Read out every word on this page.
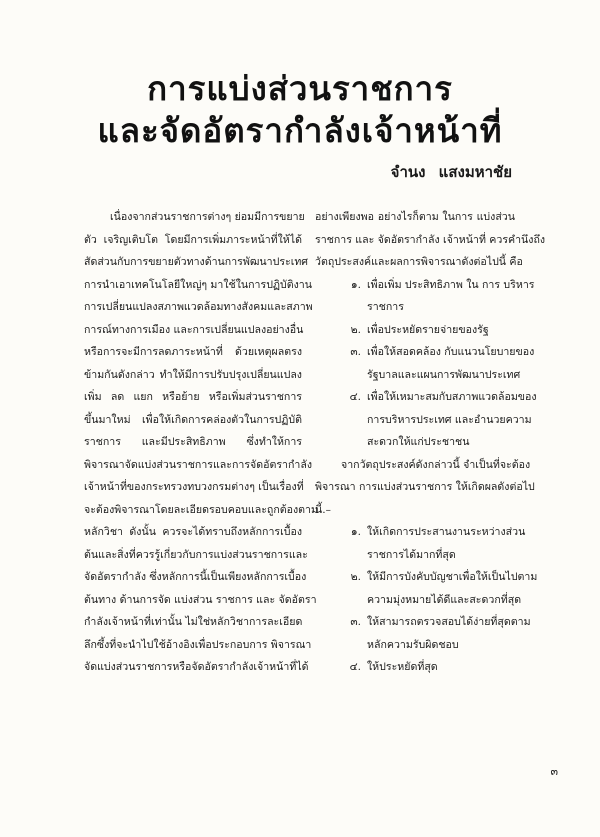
การแบ่งส่วนราชการ
และจัดอัตรากำลังเจ้าหน้าที่
จำนง แสงมหาชัย
เนื่องจากส่วนราชการต่างๆ ย่อมมีการขยาย
ตัว เจริญเติบโต โดยมีการเพิ่มภาระหน้าที่ให้ได้
สัดส่วนกับการขยายตัวทางด้านการพัฒนาประเทศ
การนำเอาเทคโนโลยีใหญ่ๆ มาใช้ในการปฏิบัติงาน
การเปลี่ยนแปลงสภาพแวดล้อมทางสังคมและสภาพ
การณ์ทางการเมือง และการเปลี่ยนแปลงอย่างอื่น
หรือการจะมีการลดภาระหน้าที่ ด้วยเหตุผลตรง
ข้ามกันดังกล่าว ทำให้มีการปรับปรุงเปลี่ยนแปลง
เพิ่ม ลด แยก หรือย้าย หรือเพิ่มส่วนราชการ
ขึ้นมาใหม่ เพื่อให้เกิดการคล่องตัวในการปฏิบัติ
ราชการ และมีประสิทธิภาพ ซึ่งทำให้การ
พิจารณาจัดแบ่งส่วนราชการและการจัดอัตรากำลัง
เจ้าหน้าที่ของกระทรวงทบวงกรมต่างๆ เป็นเรื่องที่
จะต้องพิจารณาโดยละเอียดรอบคอบและถูกต้องตาม
หลักวิชา ดังนั้น ควรจะได้ทราบถึงหลักการเบื้อง
ต้นและสิ่งที่ควรรู้เกี่ยวกับการแบ่งส่วนราชการและ
จัดอัตรากำลัง ซึ่งหลักการนี้เป็นเพียงหลักการเบื้อง
ต้นทาง ด้านการจัด แบ่งส่วน ราชการ และ จัดอัตรา
กำลังเจ้าหน้าที่เท่านั้น ไม่ใช่หลักวิชาการละเอียด
ลึกซึ้งที่จะนำไปใช้อ้างอิงเพื่อประกอบการ พิจารณา
จัดแบ่งส่วนราชการหรือจัดอัตรากำลังเจ้าหน้าที่ได้
อย่างเพียงพอ อย่างไรก็ตาม ในการ แบ่งส่วน
ราชการ และ จัดอัตรากำลัง เจ้าหน้าที่ ควรคำนึงถึง
วัตถุประสงค์และผลการพิจารณาดังต่อไปนี้ คือ
๑. เพื่อเพิ่ม ประสิทธิภาพ ใน การ บริหาร
ราชการ
๒. เพื่อประหยัดรายจ่ายของรัฐ
๓. เพื่อให้สอดคล้อง กับแนวนโยบายของ
รัฐบาลและแผนการพัฒนาประเทศ
๔. เพื่อให้เหมาะสมกับสภาพแวดล้อมของ
การบริหารประเทศ และอำนวยความ
สะดวกให้แก่ประชาชน
จากวัตถุประสงค์ดังกล่าวนี้ จำเป็นที่จะต้อง
พิจารณา การแบ่งส่วนราชการ ให้เกิดผลดังต่อไป
นี้.–
๑. ให้เกิดการประสานงานระหว่างส่วน
ราชการได้มากที่สุด
๒. ให้มีการบังคับบัญชาเพื่อให้เป็นไปตาม
ความมุ่งหมายได้ดีและสะดวกที่สุด
๓. ให้สามารถตรวจสอบได้ง่ายที่สุดตาม
หลักความรับผิดชอบ
๔. ให้ประหยัดที่สุด
๓
